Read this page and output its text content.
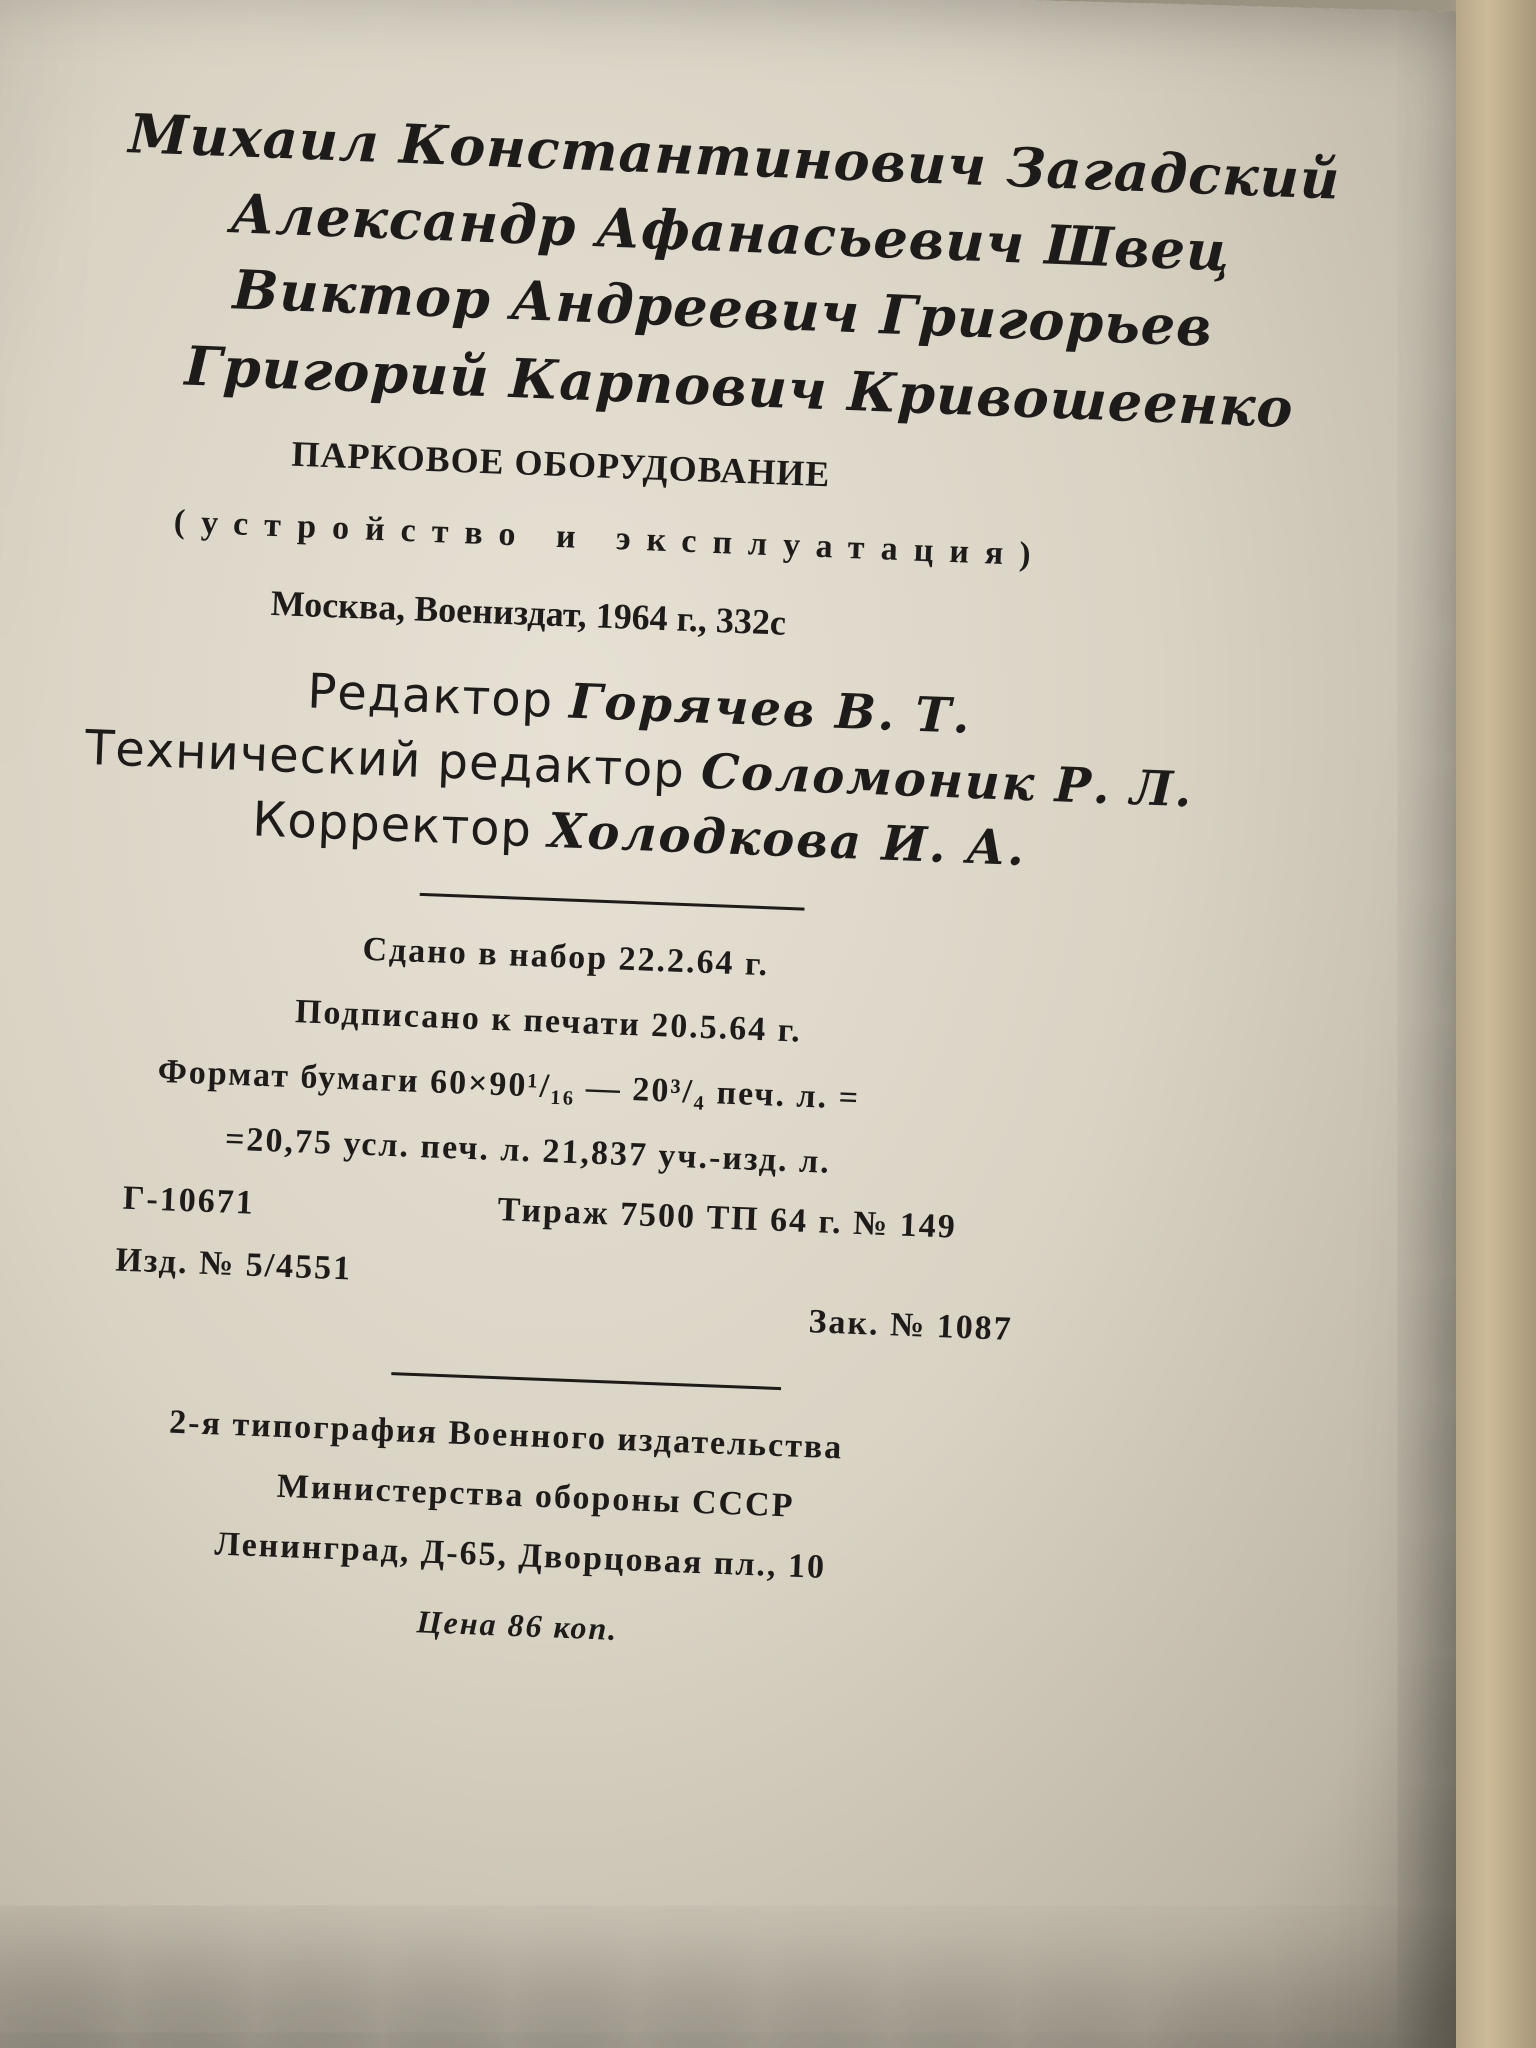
Михаил Константинович Загадский
Александр Афанасьевич Швец
Виктор Андреевич Григорьев
Григорий Карпович Кривошеенко
ПАРКОВОЕ ОБОРУДОВАНИЕ
(устройство и эксплуатация)
Москва, Воениздат, 1964 г., 332с
Редактор Горячев В. Т.
Технический редактор Соломоник Р. Л.
Корректор Холодкова И. А.
Сдано в набор 22.2.64 г.
Подписано к печати 20.5.64 г.
Формат бумаги 60×90¹/₁₆ — 20³/₄ печ. л. =
=20,75 усл. печ. л. 21,837 уч.-изд. л.
Г-10671	Тираж 7500 ТП 64 г. № 149
Изд. № 5/4551
Зак. № 1087
2-я типография Военного издательства
Министерства обороны СССР
Ленинград, Д-65, Дворцовая пл., 10
Цена 86 коп.
